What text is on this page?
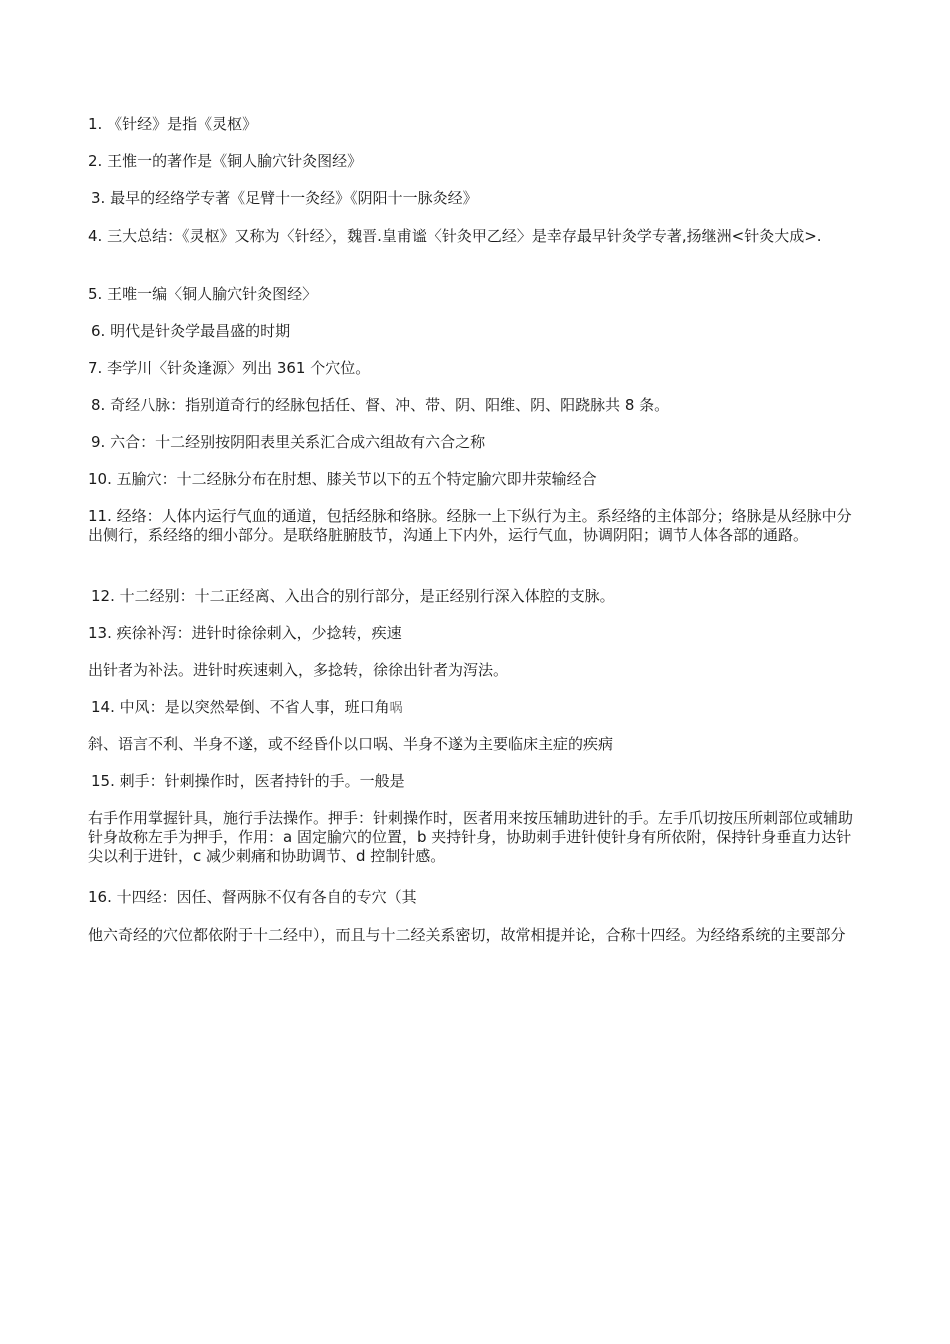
1. 《针经》是指《灵枢》

2. 王惟一的著作是《铜人腧穴针灸图经》

3. 最早的经络学专著《足臂十一灸经》《阴阳十一脉灸经》

4. 三大总结：《灵枢》又称为〈针经〉，魏晋.皇甫谧〈针灸甲乙经〉是幸存最早针灸学专著,扬继洲<针灸大成>.

5. 王唯一编〈铜人腧穴针灸图经〉

6. 明代是针灸学最昌盛的时期

7. 李学川〈针灸逢源〉列出 361 个穴位。

8. 奇经八脉：指别道奇行的经脉包括任、督、冲、带、阴、阳维、阴、阳跷脉共 8 条。

9. 六合：十二经别按阴阳表里关系汇合成六组故有六合之称

10. 五腧穴：十二经脉分布在肘想、膝关节以下的五个特定腧穴即井荥输经合

11. 经络：人体内运行气血的通道，包括经脉和络脉。经脉一上下纵行为主。系经络的主体部分；络脉是从经脉中分出侧行，系经络的细小部分。是联络脏腑肢节，沟通上下内外，运行气血，协调阴阳；调节人体各部的通路。

12. 十二经别：十二正经离、入出合的别行部分，是正经别行深入体腔的支脉。

13. 疾徐补泻：进针时徐徐刺入，少捻转，疾速

出针者为补法。进针时疾速刺入，多捻转，徐徐出针者为泻法。

14. 中风：是以突然晕倒、不省人事，班口角㖞

斜、语言不利、半身不遂，或不经昏仆以口㖞、半身不遂为主要临床主症的疾病

15. 刺手：针刺操作时，医者持针的手。一般是

右手作用掌握针具，施行手法操作。押手：针刺操作时，医者用来按压辅助进针的手。左手爪切按压所刺部位或辅助针身故称左手为押手，作用：a 固定腧穴的位置，b 夹持针身，协助刺手进针使针身有所依附，保持针身垂直力达针尖以利于进针，c 减少刺痛和协助调节、d 控制针感。

16. 十四经：因任、督两脉不仅有各自的专穴（其

他六奇经的穴位都依附于十二经中），而且与十二经关系密切，故常相提并论，合称十四经。为经络系统的主要部分
